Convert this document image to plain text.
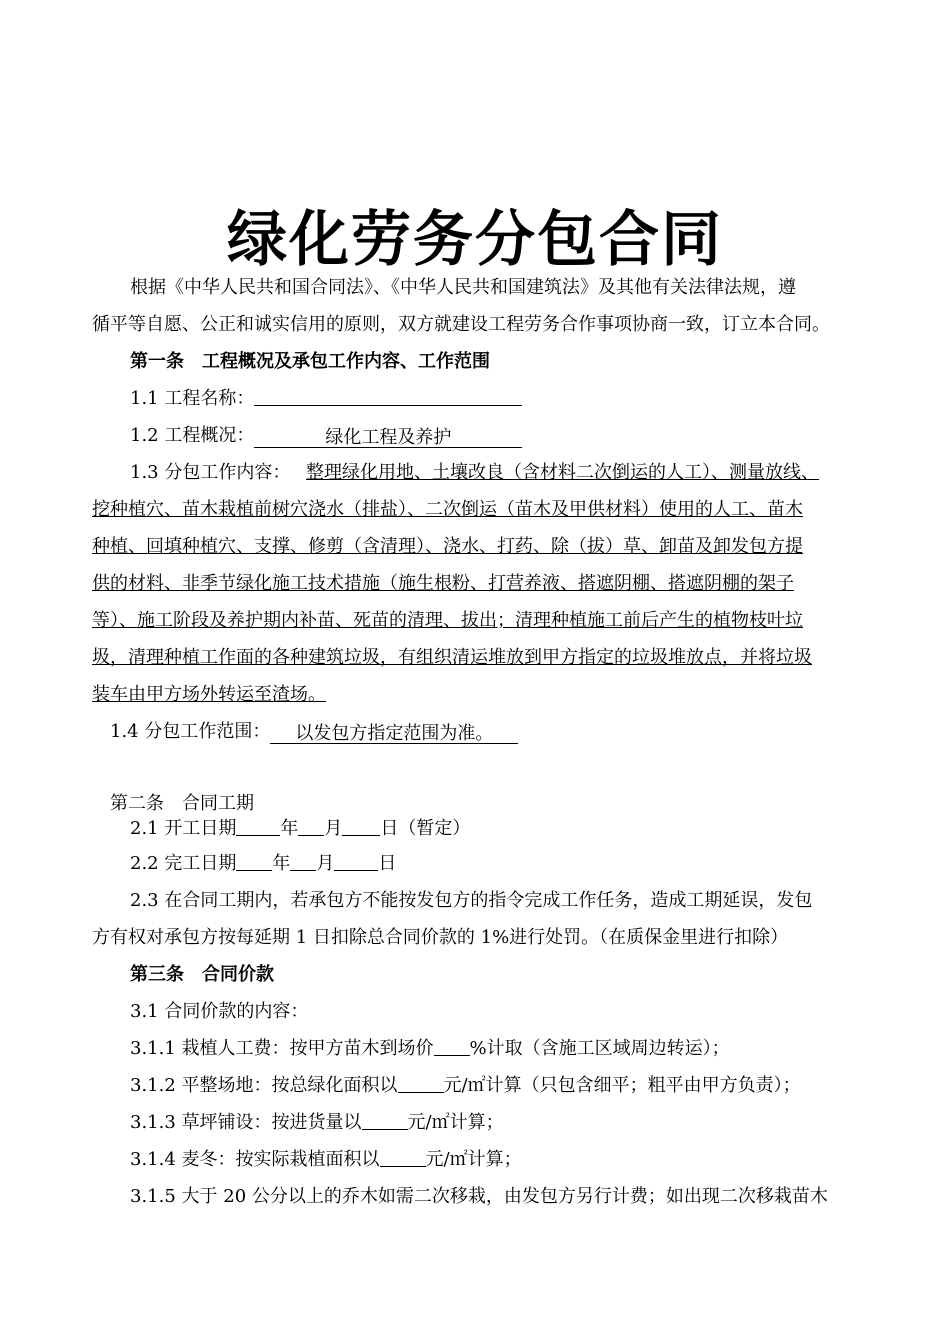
绿化劳务分包合同
根据《中华人民共和国合同法》、《中华人民共和国建筑法》及其他有关法律法规，遵
循平等自愿、公正和诚实信用的原则，双方就建设工程劳务合作事项协商一致，订立本合同。
第一条　工程概况及承包工作内容、工作范围
1.1 工程名称：
1.2 工程概况：	绿化工程及养护
1.3 分包工作内容： 整理绿化用地、土壤改良（含材料二次倒运的人工）、测量放线、
挖种植穴、苗木栽植前树穴浇水（排盐）、二次倒运（苗木及甲供材料）使用的人工、苗木
种植、回填种植穴、支撑、修剪（含清理）、浇水、打药、除（拔）草、卸苗及卸发包方提
供的材料、非季节绿化施工技术措施（施生根粉、打营养液、搭遮阴棚、搭遮阴棚的架子
等）、施工阶段及养护期内补苗、死苗的清理、拔出；清理种植施工前后产生的植物枝叶垃
圾，清理种植工作面的各种建筑垃圾，有组织清运堆放到甲方指定的垃圾堆放点，并将垃圾
装车由甲方场外转运至渣场。
1.4 分包工作范围： 以发包方指定范围为准。
第二条　合同工期
2.1 开工日期 年 月 日（暂定）
2.2 完工日期 年 月 日
2.3 在合同工期内，若承包方不能按发包方的指令完成工作任务，造成工期延误，发包
方有权对承包方按每延期 1 日扣除总合同价款的 1%进行处罚。（在质保金里进行扣除）
第三条　合同价款
3.1 合同价款的内容：
3.1.1 栽植人工费：按甲方苗木到场价 %计取（含施工区域周边转运）；
3.1.2 平整场地：按总绿化面积以	元/㎡计算（只包含细平；粗平由甲方负责）；
3.1.3 草坪铺设：按进货量以	元/㎡计算；
3.1.4 麦冬：按实际栽植面积以	元/㎡计算；
3.1.5 大于 20 公分以上的乔木如需二次移栽，由发包方另行计费；如出现二次移栽苗木
